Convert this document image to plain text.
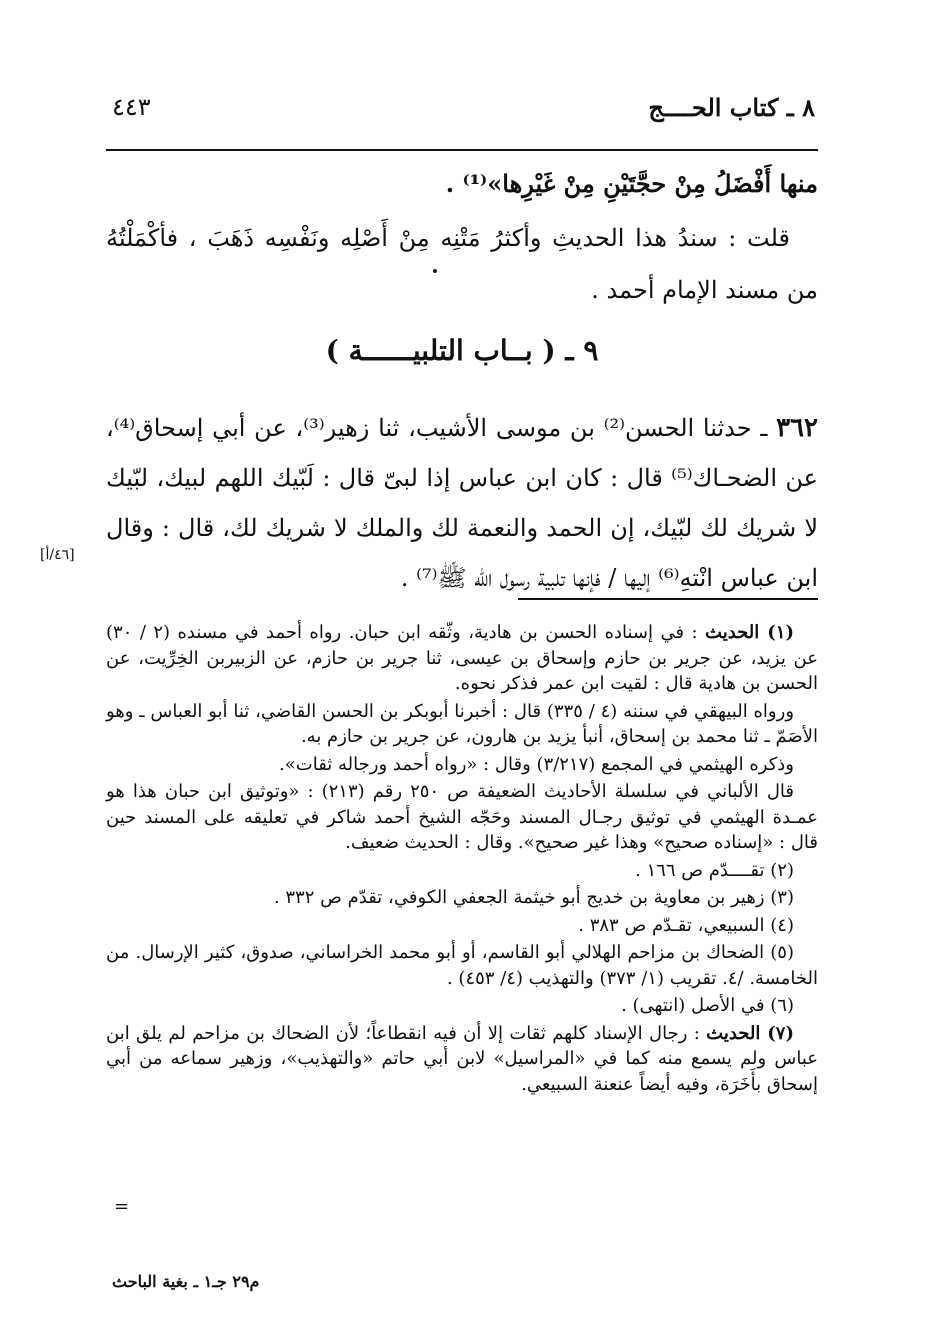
٤٤٣	٨ ـ كتاب الحــــج
منها أَفْضَلُ مِنْ حجَّتَيْنِ مِنْ غَيْرِها»⁽¹⁾ .
قلت : سندُ هذا الحديثِ وأكثرُ مَتْنِه مِنْ أَصْلِه ونَفْسِه ذَهَبَ ، فأكْمَلْتُهُ من مسند الإمام أحمد .
٩ ـ ( بــاب التلبيــــــة )
٣٦٢ ـ حدثنا الحسن⁽²⁾ بن موسى الأشيب، ثنا زهير⁽³⁾، عن أبي إسحاق⁽⁴⁾، عن الضحـاك⁽⁵⁾ قال : كان ابن عباس إذا لبىّ قال : لَبّيك اللهم لبيك، لبّيك لا شريك لك لبّيك، إن الحمد والنعمة لك والملك لا شريك لك، قال : وقال ابن عباس انْتهِ⁽⁶⁾ إليها / فإنها تلبية رسول الله ﷺ⁽⁷⁾ .
[٤٦/أ]

(١) الحديث : في إسناده الحسن بن هادية، وثّقه ابن حبان. رواه أحمد في مسنده (٢ / ٣٠) عن يزيد، عن جرير بن حازم وإسحاق بن عيسى، ثنا جرير بن حازم، عن الزبيربن الخِرِّيت، عن الحسن بن هادية قال : لقيت ابن عمر فذكر نحوه.

ورواه البيهقي في سننه (٤ / ٣٣٥) قال : أخبرنا أبوبكر بن الحسن القاضي، ثنا أبو العباس ـ وهو الأصَمّ ـ ثنا محمد بن إسحاق، أنبأ يزيد بن هارون، عن جرير بن حازم به.

وذكره الهيثمي في المجمع (٣/٢١٧) وقال : «رواه أحمد ورجاله ثقات».

قال الألباني في سلسلة الأحاديث الضعيفة ص ٢٥٠ رقم (٢١٣) : «وتوثيق ابن حبان هذا هو عمـدة الهيثمي في توثيق رجـال المسند وحَجّه الشيخ أحمد شاكر في تعليقه على المسند حين قال : «إسناده صحيح» وهذا غير صحيح». وقال : الحديث ضعيف.

(٢) تقــــدّم ص ١٦٦ .

(٣) زهير بن معاوية بن خديج أبو خيثمة الجعفي الكوفي، تقدّم ص ٣٣٢ .

(٤) السبيعي، تقـدّم ص ٣٨٣ .

(٥) الضحاك بن مزاحم الهلالي أبو القاسم، أو أبو محمد الخراساني، صدوق، كثير الإرسال. من الخامسة. /٤. تقريب (١/ ٣٧٣) والتهذيب (٤/ ٤٥٣) .

(٦) في الأصل (انتهى) .

(٧) الحديث : رجال الإسناد كلهم ثقات إلا أن فيه انقطاعاً؛ لأن الضحاك بن مزاحم لم يلق ابن عباس ولم يسمع منه كما في «المراسيل» لابن أبي حاتم «والتهذيب»، وزهير سماعه من أبي إسحاق بأَخَرَة، وفيه أيضاً عنعنة السبيعي.

=
م٢٩ جـ١ ـ بغية الباحث
